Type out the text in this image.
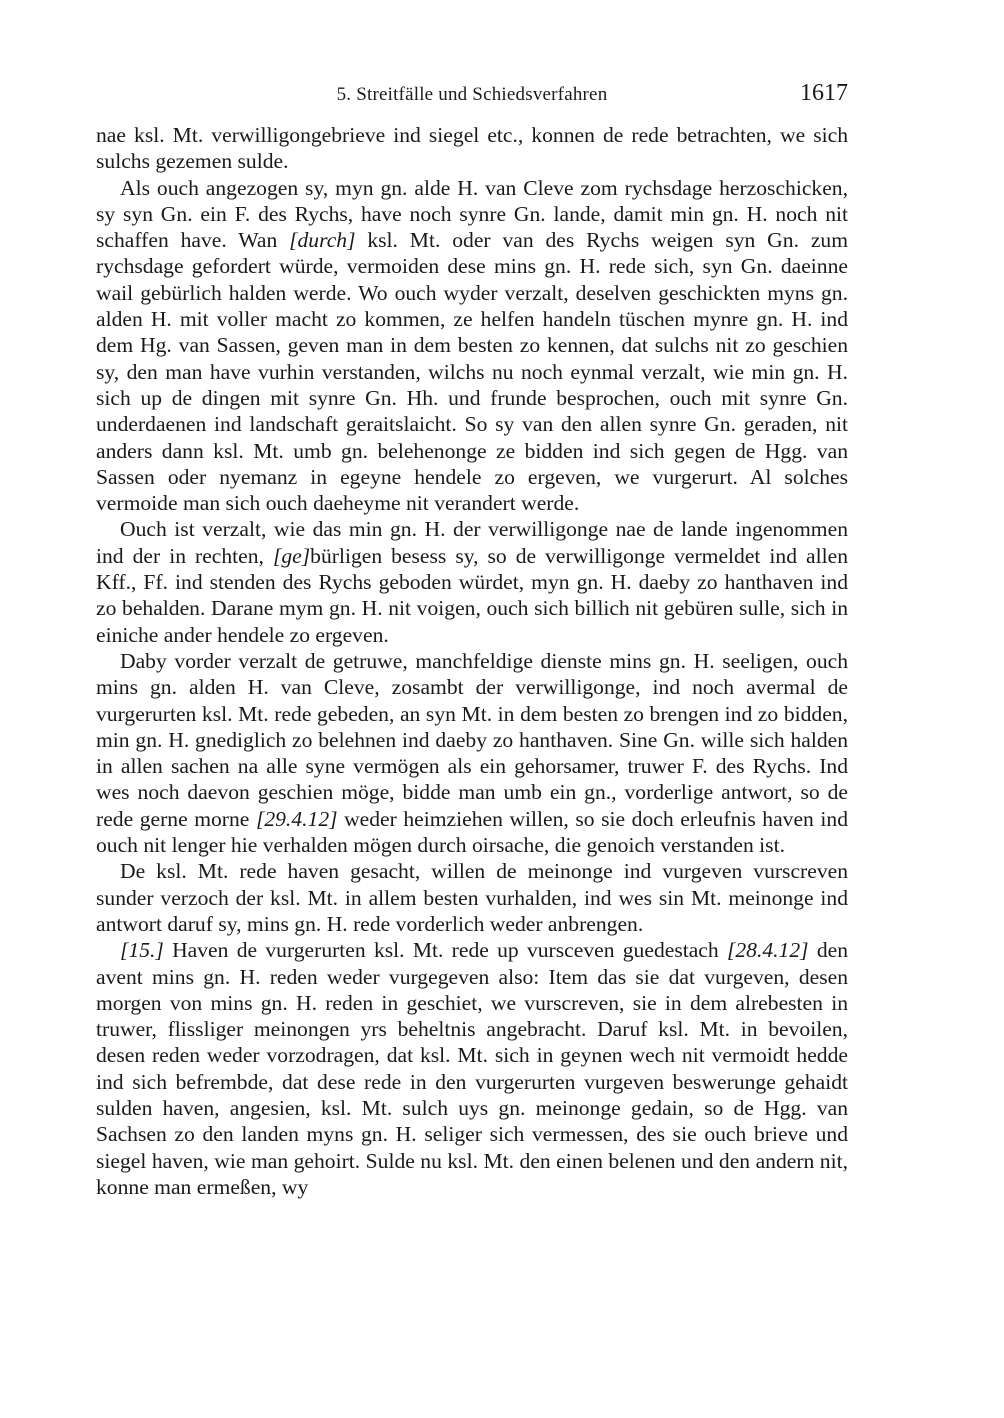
5. Streitfälle und Schiedsverfahren	1617

nae ksl. Mt. verwilligongebrieve ind siegel etc., konnen de rede betrachten, we sich sulchs gezemen sulde.

Als ouch angezogen sy, myn gn. alde H. van Cleve zom rychsdage herzoschicken, sy syn Gn. ein F. des Rychs, have noch synre Gn. lande, damit min gn. H. noch nit schaffen have. Wan [durch] ksl. Mt. oder van des Rychs weigen syn Gn. zum rychsdage gefordert würde, vermoiden dese mins gn. H. rede sich, syn Gn. daeinne wail gebürlich halden werde. Wo ouch wyder verzalt, deselven geschickten myns gn. alden H. mit voller macht zo kommen, ze helfen handeln tüschen mynre gn. H. ind dem Hg. van Sassen, geven man in dem besten zo kennen, dat sulchs nit zo geschien sy, den man have vurhin verstanden, wilchs nu noch eynmal verzalt, wie min gn. H. sich up de dingen mit synre Gn. Hh. und frunde besprochen, ouch mit synre Gn. underdaenen ind landschaft geraitslaicht. So sy van den allen synre Gn. geraden, nit anders dann ksl. Mt. umb gn. belehenonge ze bidden ind sich gegen de Hgg. van Sassen oder nyemanz in egeyne hendele zo ergeven, we vurgerurt. Al solches vermoide man sich ouch daeheyme nit verandert werde.

Ouch ist verzalt, wie das min gn. H. der verwilligonge nae de lande ingenommen ind der in rechten, [ge]bürligen besess sy, so de verwilligonge vermeldet ind allen Kff., Ff. ind stenden des Rychs geboden würdet, myn gn. H. daeby zo hanthaven ind zo behalden. Darane mym gn. H. nit voigen, ouch sich billich nit gebüren sulle, sich in einiche ander hendele zo ergeven.

Daby vorder verzalt de getruwe, manchfeldige dienste mins gn. H. seeligen, ouch mins gn. alden H. van Cleve, zosambt der verwilligonge, ind noch avermal de vurgerurten ksl. Mt. rede gebeden, an syn Mt. in dem besten zo brengen ind zo bidden, min gn. H. gnediglich zo belehnen ind daeby zo hanthaven. Sine Gn. wille sich halden in allen sachen na alle syne vermögen als ein gehorsamer, truwer F. des Rychs. Ind wes noch daevon geschien möge, bidde man umb ein gn., vorderlige antwort, so de rede gerne morne [29.4.12] weder heimziehen willen, so sie doch erleufnis haven ind ouch nit lenger hie verhalden mögen durch oirsache, die genoich verstanden ist.

De ksl. Mt. rede haven gesacht, willen de meinonge ind vurgeven vurscreven sunder verzoch der ksl. Mt. in allem besten vurhalden, ind wes sin Mt. meinonge ind antwort daruf sy, mins gn. H. rede vorderlich weder anbrengen.

[15.] Haven de vurgerurten ksl. Mt. rede up vursceven guedestach [28.4.12] den avent mins gn. H. reden weder vurgegeven also: Item das sie dat vurgeven, desen morgen von mins gn. H. reden in geschiet, we vurscreven, sie in dem alrebesten in truwer, flissliger meinongen yrs beheltnis angebracht. Daruf ksl. Mt. in bevoilen, desen reden weder vorzodragen, dat ksl. Mt. sich in geynen wech nit vermoidt hedde ind sich befrembde, dat dese rede in den vurgerurten vurgeven beswerunge gehaidt sulden haven, angesien, ksl. Mt. sulch uys gn. meinonge gedain, so de Hgg. van Sachsen zo den landen myns gn. H. seliger sich vermessen, des sie ouch brieve und siegel haven, wie man gehoirt. Sulde nu ksl. Mt. den einen belenen und den andern nit, konne man ermeßen, wy
